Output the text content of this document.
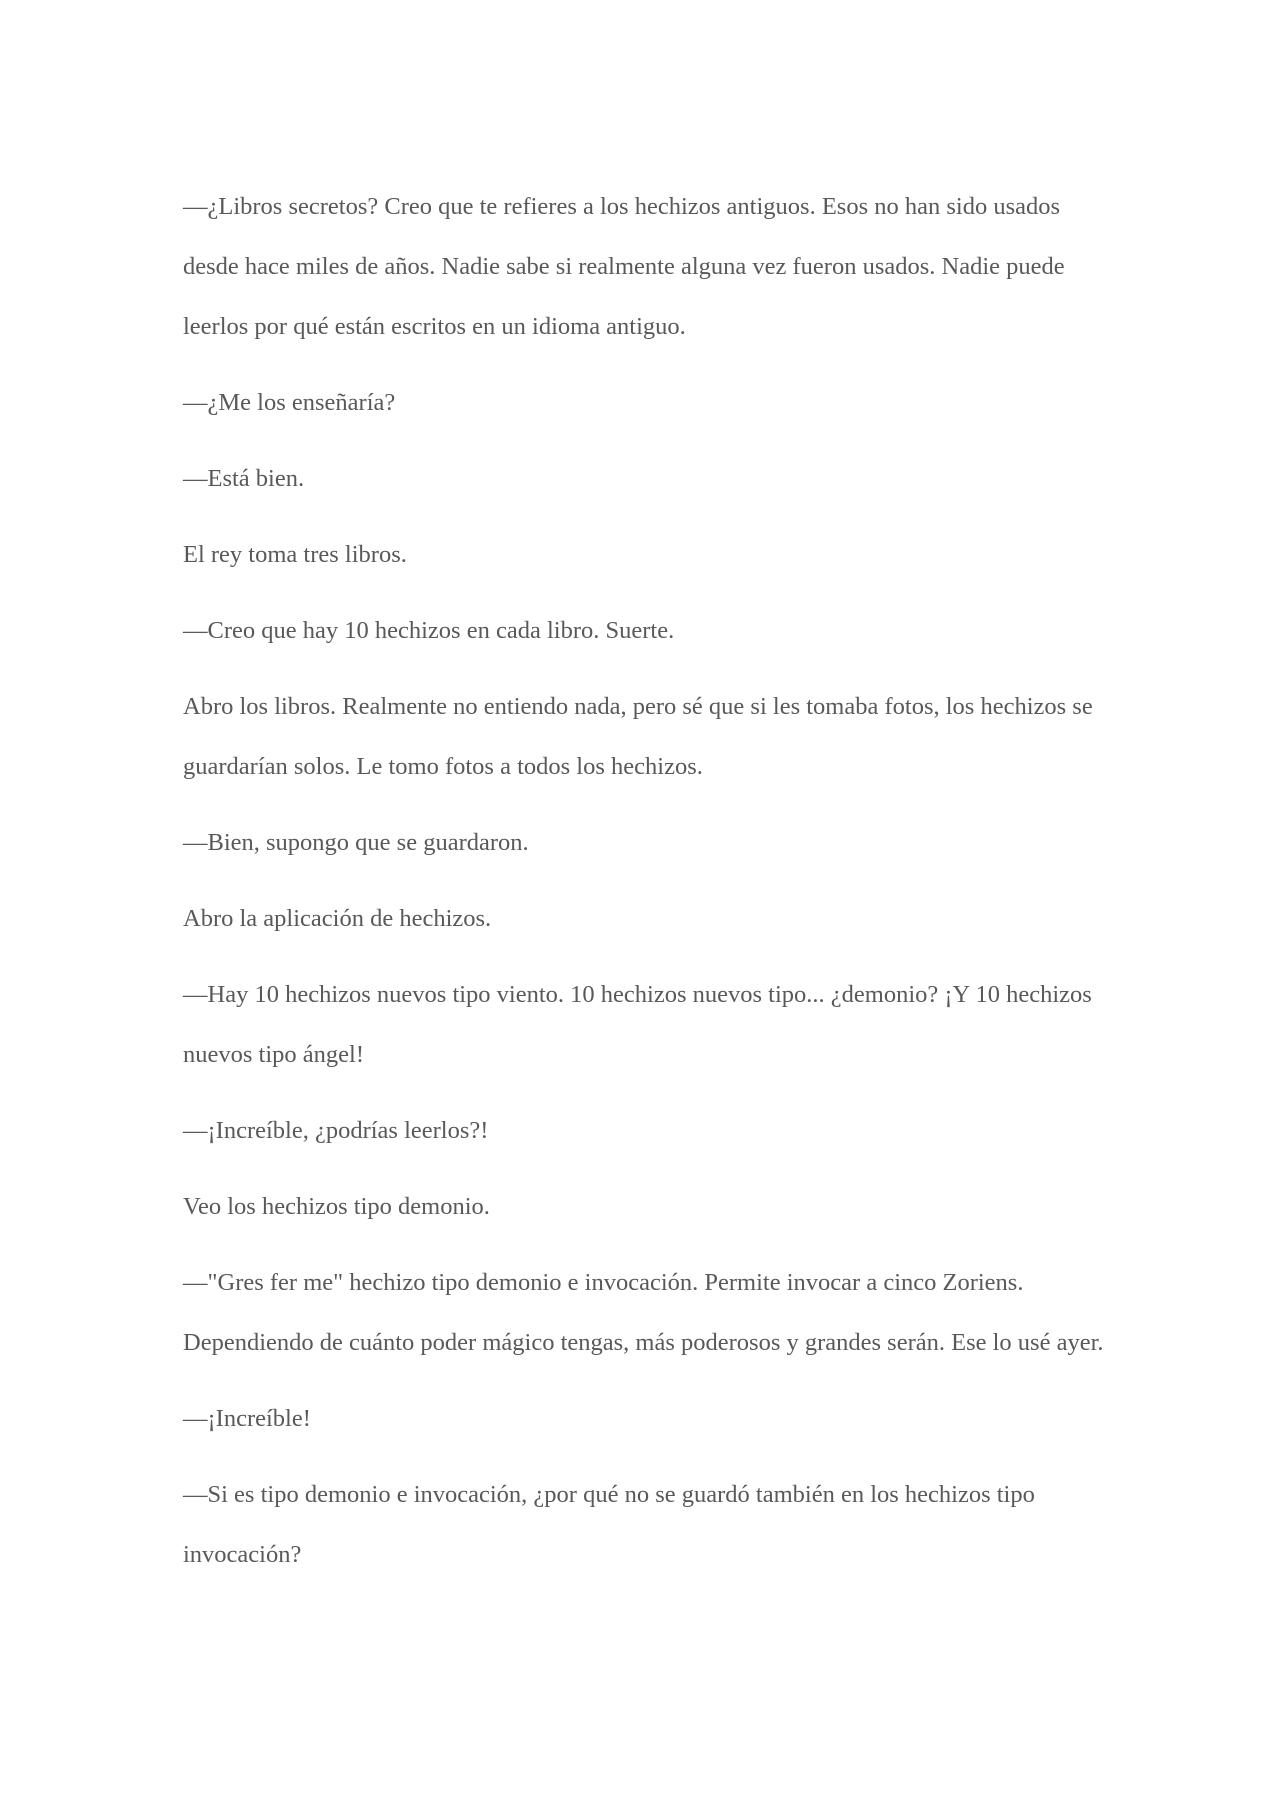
—¿Libros secretos? Creo que te refieres a los hechizos antiguos. Esos no han sido usados desde hace miles de años. Nadie sabe si realmente alguna vez fueron usados. Nadie puede leerlos por qué están escritos en un idioma antiguo.

—¿Me los enseñaría?

—Está bien.

El rey toma tres libros.

—Creo que hay 10 hechizos en cada libro. Suerte.

Abro los libros. Realmente no entiendo nada, pero sé que si les tomaba fotos, los hechizos se guardarían solos. Le tomo fotos a todos los hechizos.

—Bien, supongo que se guardaron.

Abro la aplicación de hechizos.

—Hay 10 hechizos nuevos tipo viento. 10 hechizos nuevos tipo... ¿demonio? ¡Y 10 hechizos nuevos tipo ángel!

—¡Increíble, ¿podrías leerlos?!

Veo los hechizos tipo demonio.

—"Gres fer me" hechizo tipo demonio e invocación. Permite invocar a cinco Zoriens. Dependiendo de cuánto poder mágico tengas, más poderosos y grandes serán. Ese lo usé ayer.

—¡Increíble!

—Si es tipo demonio e invocación, ¿por qué no se guardó también en los hechizos tipo invocación?
